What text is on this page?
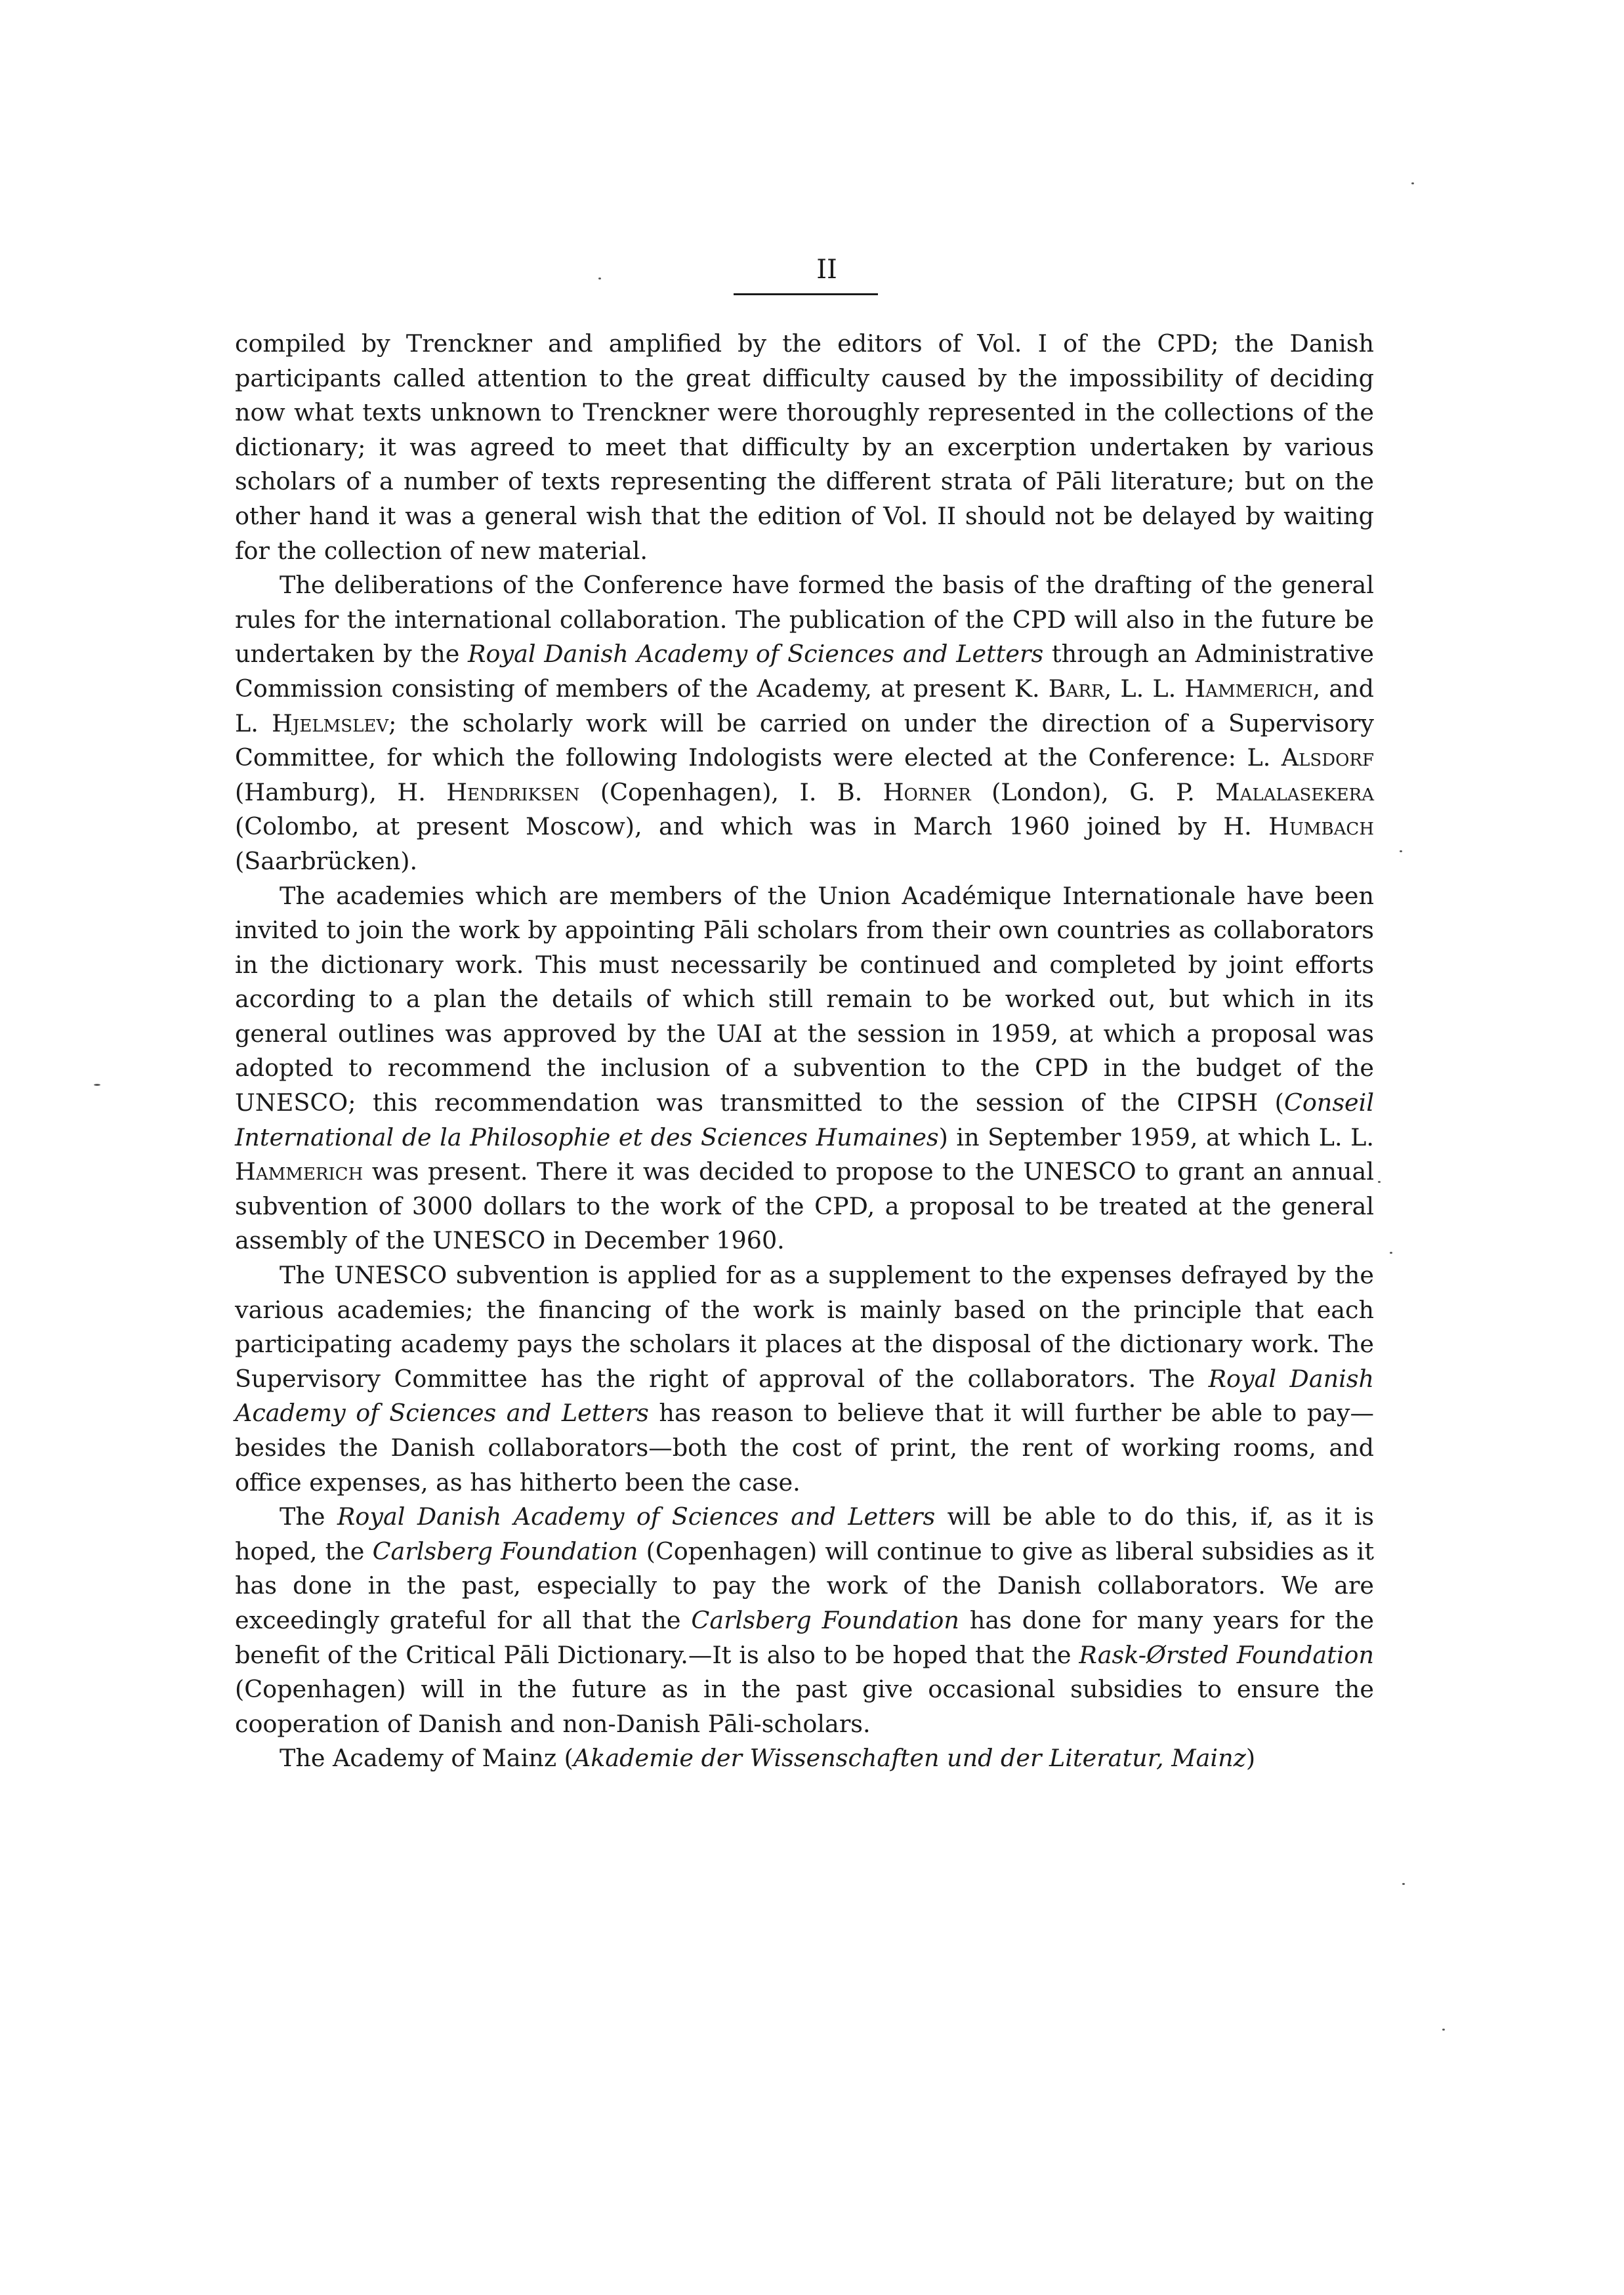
II

compiled by Trenckner and amplified by the editors of Vol. I of the CPD; the Danish participants called attention to the great difficulty caused by the impossibility of deciding now what texts unknown to Trenckner were thoroughly represented in the collections of the dictionary; it was agreed to meet that difficulty by an excerption undertaken by various scholars of a number of texts representing the different strata of Pāli literature; but on the other hand it was a general wish that the edition of Vol. II should not be delayed by waiting for the collection of new material.

The deliberations of the Conference have formed the basis of the drafting of the general rules for the international collaboration. The publication of the CPD will also in the future be undertaken by the Royal Danish Academy of Sciences and Letters through an Administrative Commission consisting of members of the Academy, at present K. Barr, L. L. Hammerich, and L. Hjelmslev; the scholarly work will be carried on under the direction of a Supervisory Committee, for which the following Indologists were elected at the Conference: L. Alsdorf (Hamburg), H. Hendriksen (Copenhagen), I. B. Horner (London), G. P. Malalasekera (Colombo, at present Moscow), and which was in March 1960 joined by H. Humbach (Saarbrücken).

The academies which are members of the Union Académique Internationale have been invited to join the work by appointing Pāli scholars from their own countries as collaborators in the dictionary work. This must necessarily be continued and completed by joint efforts according to a plan the details of which still remain to be worked out, but which in its general outlines was approved by the UAI at the session in 1959, at which a proposal was adopted to recommend the inclusion of a subvention to the CPD in the budget of the UNESCO; this recommendation was transmitted to the session of the CIPSH (Conseil International de la Philosophie et des Sciences Humaines) in September 1959, at which L. L. Hammerich was present. There it was decided to propose to the UNESCO to grant an annual subvention of 3000 dollars to the work of the CPD, a proposal to be treated at the general assembly of the UNESCO in December 1960.

The UNESCO subvention is applied for as a supplement to the expenses defrayed by the various academies; the financing of the work is mainly based on the principle that each participating academy pays the scholars it places at the disposal of the dictionary work. The Supervisory Committee has the right of approval of the collaborators. The Royal Danish Academy of Sciences and Letters has reason to believe that it will further be able to pay—besides the Danish collaborators—both the cost of print, the rent of working rooms, and office expenses, as has hitherto been the case.

The Royal Danish Academy of Sciences and Letters will be able to do this, if, as it is hoped, the Carlsberg Foundation (Copenhagen) will continue to give as liberal subsidies as it has done in the past, especially to pay the work of the Danish collaborators. We are exceedingly grateful for all that the Carlsberg Foundation has done for many years for the benefit of the Critical Pāli Dictionary.—It is also to be hoped that the Rask-Ørsted Foundation (Copenhagen) will in the future as in the past give occasional subsidies to ensure the cooperation of Danish and non-Danish Pāli-scholars.

The Academy of Mainz (Akademie der Wissenschaften und der Literatur, Mainz)
